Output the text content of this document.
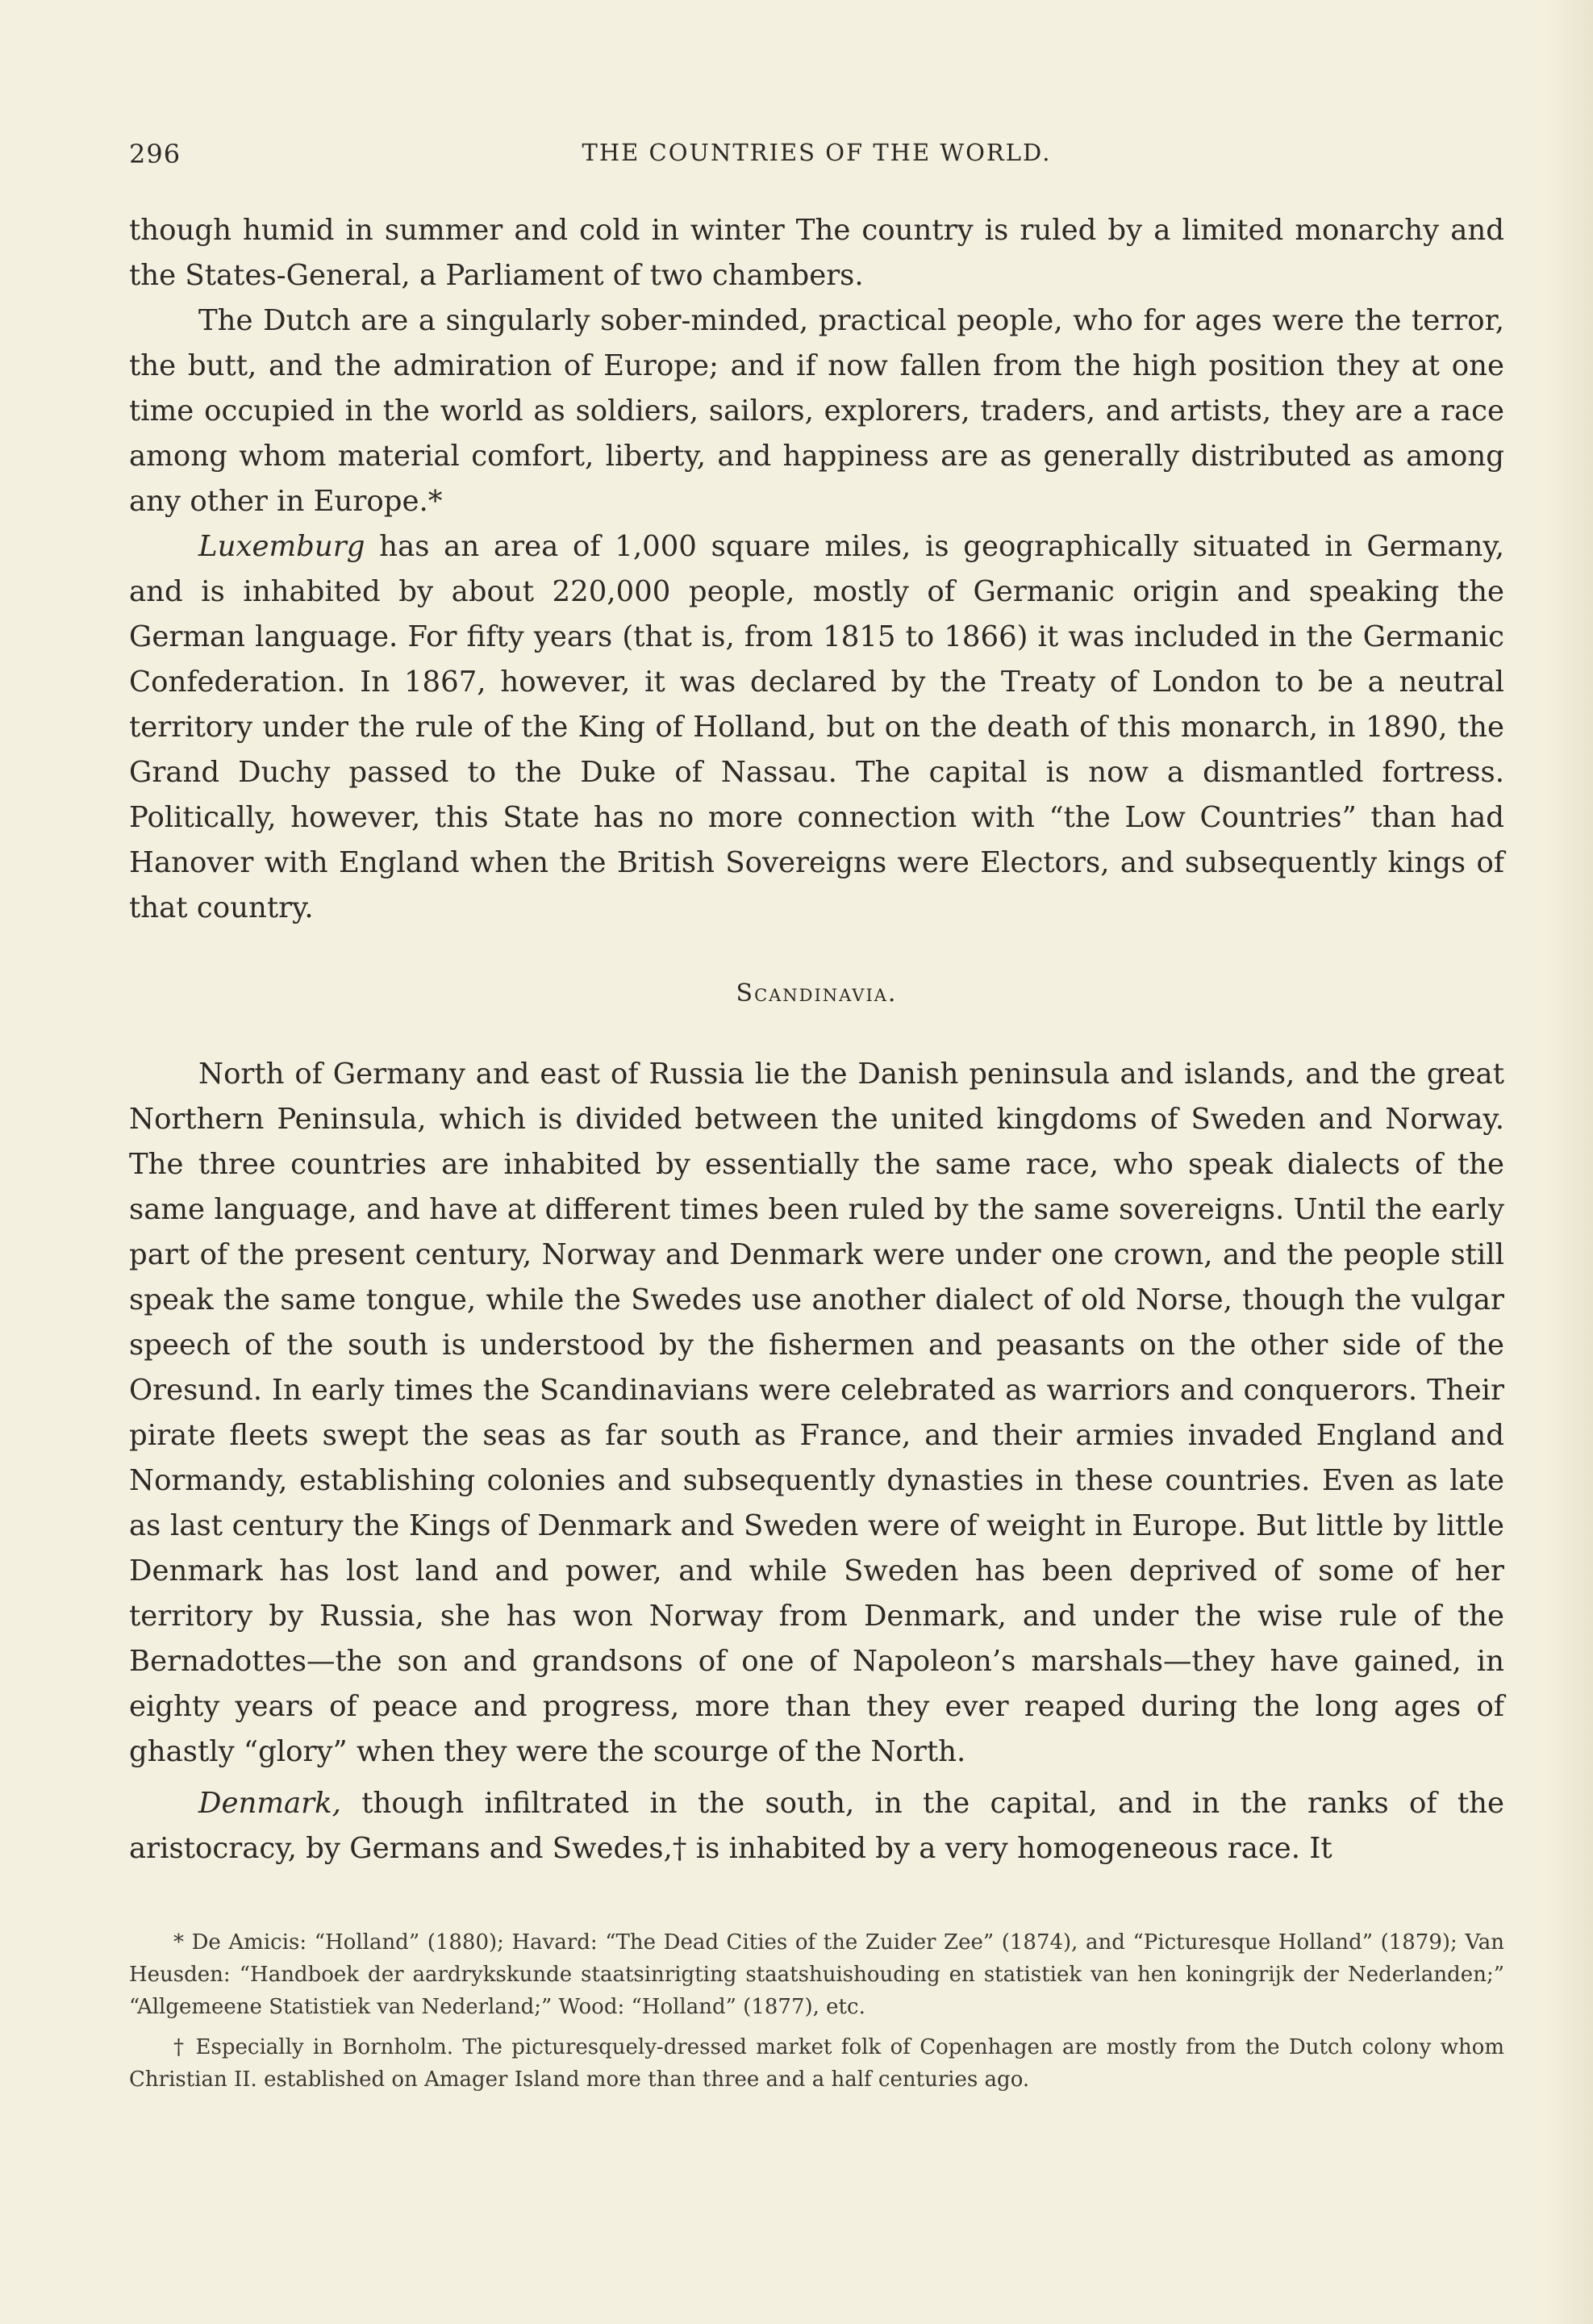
296	THE COUNTRIES OF THE WORLD.

though humid in summer and cold in winter The country is ruled by a limited monarchy and the States-General, a Parliament of two chambers.

The Dutch are a singularly sober-minded, practical people, who for ages were the terror, the butt, and the admiration of Europe; and if now fallen from the high position they at one time occupied in the world as soldiers, sailors, explorers, traders, and artists, they are a race among whom material comfort, liberty, and happiness are as generally distributed as among any other in Europe.*

Luxemburg has an area of 1,000 square miles, is geographically situated in Germany, and is inhabited by about 220,000 people, mostly of Germanic origin and speaking the German language. For fifty years (that is, from 1815 to 1866) it was included in the Germanic Confederation. In 1867, however, it was declared by the Treaty of London to be a neutral territory under the rule of the King of Holland, but on the death of this monarch, in 1890, the Grand Duchy passed to the Duke of Nassau. The capital is now a dismantled fortress. Politically, however, this State has no more connection with “the Low Countries” than had Hanover with England when the British Sovereigns were Electors, and subsequently kings of that country.

Scandinavia.

North of Germany and east of Russia lie the Danish peninsula and islands, and the great Northern Peninsula, which is divided between the united kingdoms of Sweden and Norway. The three countries are inhabited by essentially the same race, who speak dialects of the same language, and have at different times been ruled by the same sovereigns. Until the early part of the present century, Norway and Denmark were under one crown, and the people still speak the same tongue, while the Swedes use another dialect of old Norse, though the vulgar speech of the south is understood by the fishermen and peasants on the other side of the Oresund. In early times the Scandinavians were celebrated as warriors and conquerors. Their pirate fleets swept the seas as far south as France, and their armies invaded England and Normandy, establishing colonies and subsequently dynasties in these countries. Even as late as last century the Kings of Denmark and Sweden were of weight in Europe. But little by little Denmark has lost land and power, and while Sweden has been deprived of some of her territory by Russia, she has won Norway from Denmark, and under the wise rule of the Bernadottes—the son and grandsons of one of Napoleon’s marshals—they have gained, in eighty years of peace and progress, more than they ever reaped during the long ages of ghastly “glory” when they were the scourge of the North.

Denmark, though infiltrated in the south, in the capital, and in the ranks of the aristocracy, by Germans and Swedes,† is inhabited by a very homogeneous race. It

* De Amicis: “Holland” (1880); Havard: “The Dead Cities of the Zuider Zee” (1874), and “Picturesque Holland” (1879); Van Heusden: “Handboek der aardrykskunde staatsinrigting staatshuishouding en statistiek van hen koningrijk der Nederlanden;” “Allgemeene Statistiek van Nederland;” Wood: “Holland” (1877), etc.

† Especially in Bornholm. The picturesquely-dressed market folk of Copenhagen are mostly from the Dutch colony whom Christian II. established on Amager Island more than three and a half centuries ago.
